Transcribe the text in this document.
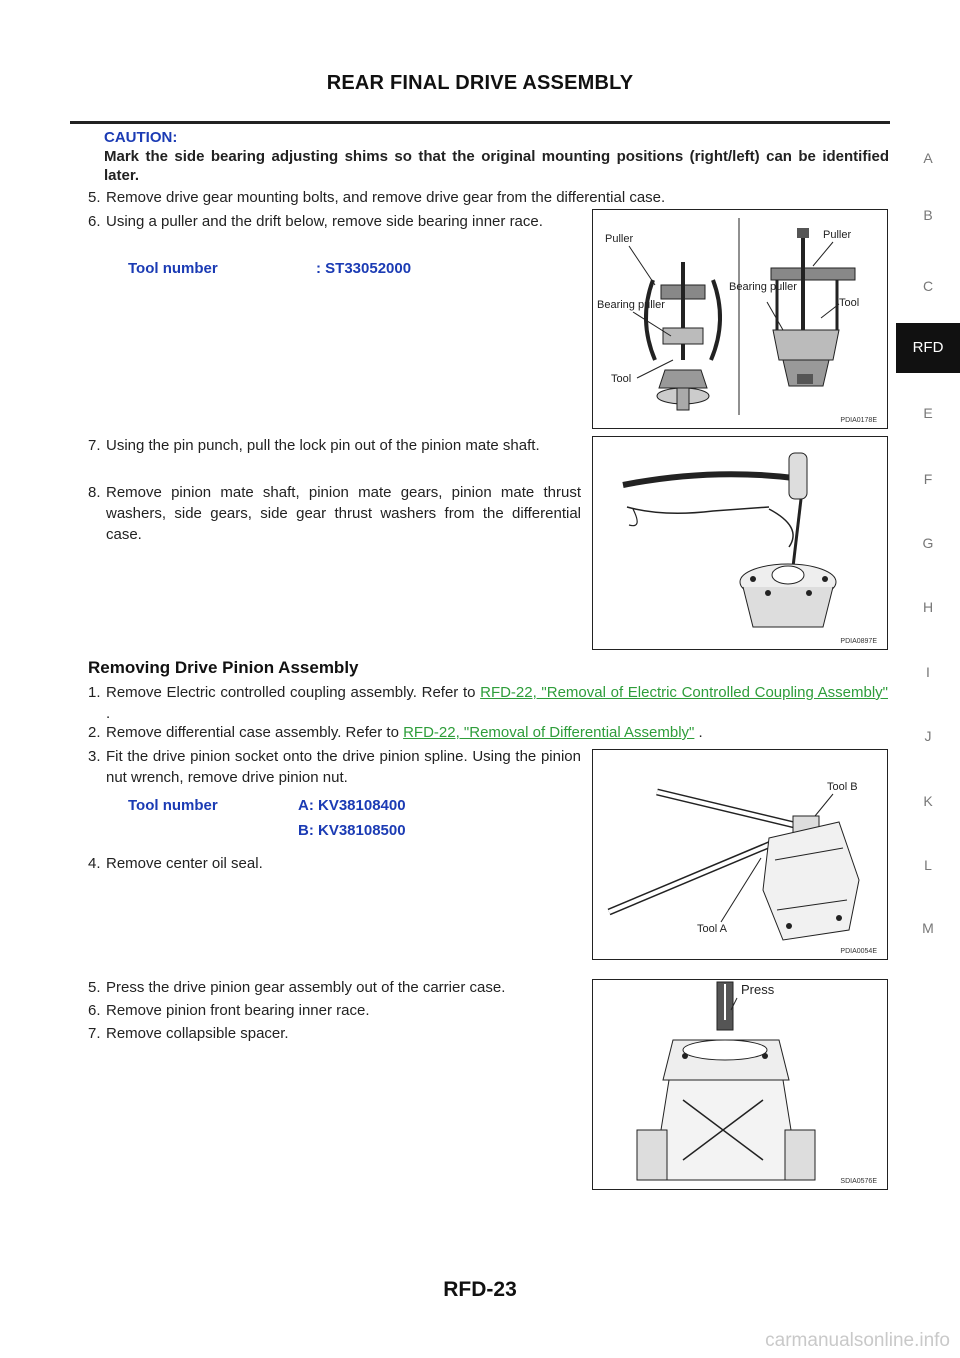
REAR FINAL DRIVE ASSEMBLY
A
B
C
E
F
G
H
I
J
K
L
M
RFD
CAUTION:
Mark the side bearing adjusting shims so that the original mounting positions (right/left) can be identified later.
5. Remove drive gear mounting bolts, and remove drive gear from the differential case.
6. Using a puller and the drift below, remove side bearing inner race.
Tool number	: ST33052000
Puller	Puller
Bearing puller
Bearing puller
Tool
Tool
PDIA0178E
7. Using the pin punch, pull the lock pin out of the pinion mate shaft.
8. Remove pinion mate shaft, pinion mate gears, pinion mate thrust washers, side gears, side gear thrust washers from the differential case.
PDIA0897E
Removing Drive Pinion Assembly
1. Remove Electric controlled coupling assembly. Refer to RFD-22, "Removal of Electric Controlled Coupling Assembly" .
2. Remove differential case assembly. Refer to RFD-22, "Removal of Differential Assembly" .
3. Fit the drive pinion socket onto the drive pinion spline. Using the pinion nut wrench, remove drive pinion nut.
Tool number	A: KV38108400
B: KV38108500
4. Remove center oil seal.
Tool B
Tool A
PDIA0054E
5. Press the drive pinion gear assembly out of the carrier case.
6. Remove pinion front bearing inner race.
7. Remove collapsible spacer.
Press
SDIA0576E
RFD-23
carmanualsonline.info
